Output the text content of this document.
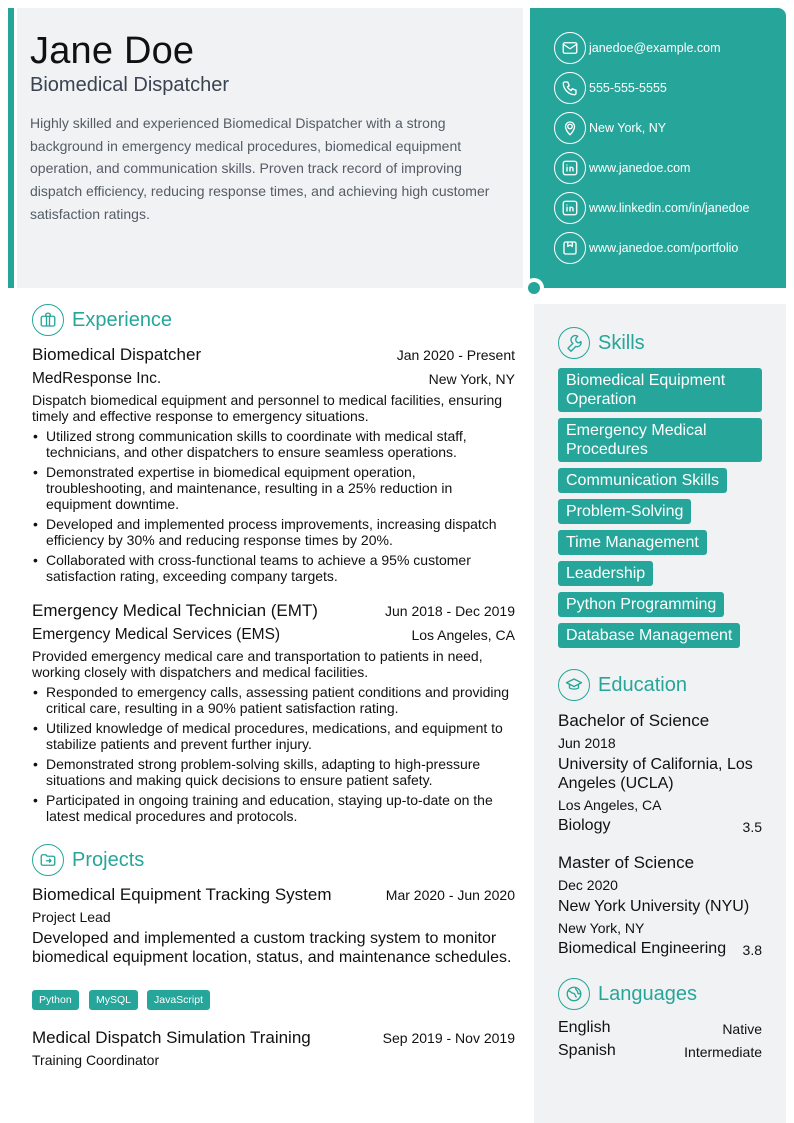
Jane Doe
Biomedical Dispatcher
Highly skilled and experienced Biomedical Dispatcher with a strong background in emergency medical procedures, biomedical equipment operation, and communication skills. Proven track record of improving dispatch efficiency, reducing response times, and achieving high customer satisfaction ratings.
janedoe@example.com
555-555-5555
New York, NY
www.janedoe.com
www.linkedin.com/in/janedoe
www.janedoe.com/portfolio
Experience
Biomedical Dispatcher	Jan 2020 - Present
MedResponse Inc.	New York, NY
Dispatch biomedical equipment and personnel to medical facilities, ensuring timely and effective response to emergency situations.
• Utilized strong communication skills to coordinate with medical staff, technicians, and other dispatchers to ensure seamless operations.
• Demonstrated expertise in biomedical equipment operation, troubleshooting, and maintenance, resulting in a 25% reduction in equipment downtime.
• Developed and implemented process improvements, increasing dispatch efficiency by 30% and reducing response times by 20%.
• Collaborated with cross-functional teams to achieve a 95% customer satisfaction rating, exceeding company targets.
Emergency Medical Technician (EMT)	Jun 2018 - Dec 2019
Emergency Medical Services (EMS)	Los Angeles, CA
Provided emergency medical care and transportation to patients in need, working closely with dispatchers and medical facilities.
• Responded to emergency calls, assessing patient conditions and providing critical care, resulting in a 90% patient satisfaction rating.
• Utilized knowledge of medical procedures, medications, and equipment to stabilize patients and prevent further injury.
• Demonstrated strong problem-solving skills, adapting to high-pressure situations and making quick decisions to ensure patient safety.
• Participated in ongoing training and education, staying up-to-date on the latest medical procedures and protocols.
Projects
Biomedical Equipment Tracking System	Mar 2020 - Jun 2020
Project Lead
Developed and implemented a custom tracking system to monitor biomedical equipment location, status, and maintenance schedules.
Python	MySQL	JavaScript
Medical Dispatch Simulation Training	Sep 2019 - Nov 2019
Training Coordinator
Skills
Biomedical Equipment Operation
Emergency Medical Procedures
Communication Skills
Problem-Solving
Time Management
Leadership
Python Programming
Database Management
Education
Bachelor of Science
Jun 2018
University of California, Los Angeles (UCLA)
Los Angeles, CA
Biology	3.5
Master of Science
Dec 2020
New York University (NYU)
New York, NY
Biomedical Engineering 3.8
Languages
English	Native
Spanish	Intermediate
